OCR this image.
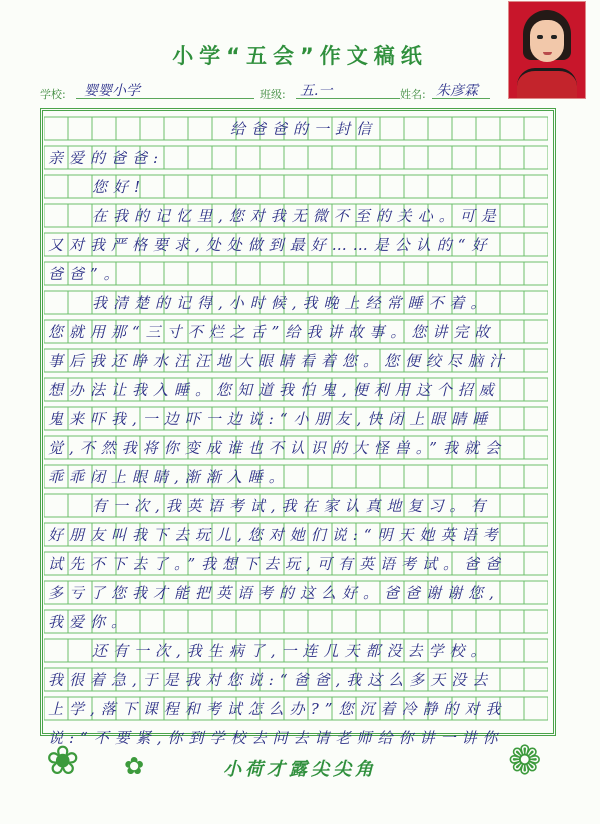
小学“五会”作文稿纸
学校: 婴婴小学	班级: 五.一	姓名: 朱彦霖
给爸爸的一封信
亲爱的爸爸:
您好!
在我的记忆里,您对我无微不至的关心。可是
又对我严格要求,处处做到最好……是公认的“好
爸爸”。
我清楚的记得,小时候,我晚上经常睡不着。
您就用那“三寸不烂之舌”给我讲故事。您讲完故
事后我还睁水汪汪地大眼睛看着您。您便绞尽脑汁
想办法让我入睡。您知道我怕鬼,便利用这个招威
鬼来吓我,一边吓一边说:“小朋友,快闭上眼睛睡
觉,不然我将你变成谁也不认识的大怪兽。”我就会
乖乖闭上眼睛,渐渐入睡。
有一次,我英语考试,我在家认真地复习。有
好朋友叫我下去玩儿,您对她们说:“明天她英语考
试先不下去了。”我想下去玩,可有英语考试。爸爸
多亏了您我才能把英语考的这么好。爸爸谢谢您,
我爱你。
还有一次,我生病了,一连几天都没去学校。
我很着急,于是我对您说:“爸爸,我这么多天没去
上学,落下课程和考试怎么办?”您沉着冷静的对我
说:“不要紧,你到学校去问去请老师给你讲一讲你
❀ ✿	小荷才露尖尖角	❁
